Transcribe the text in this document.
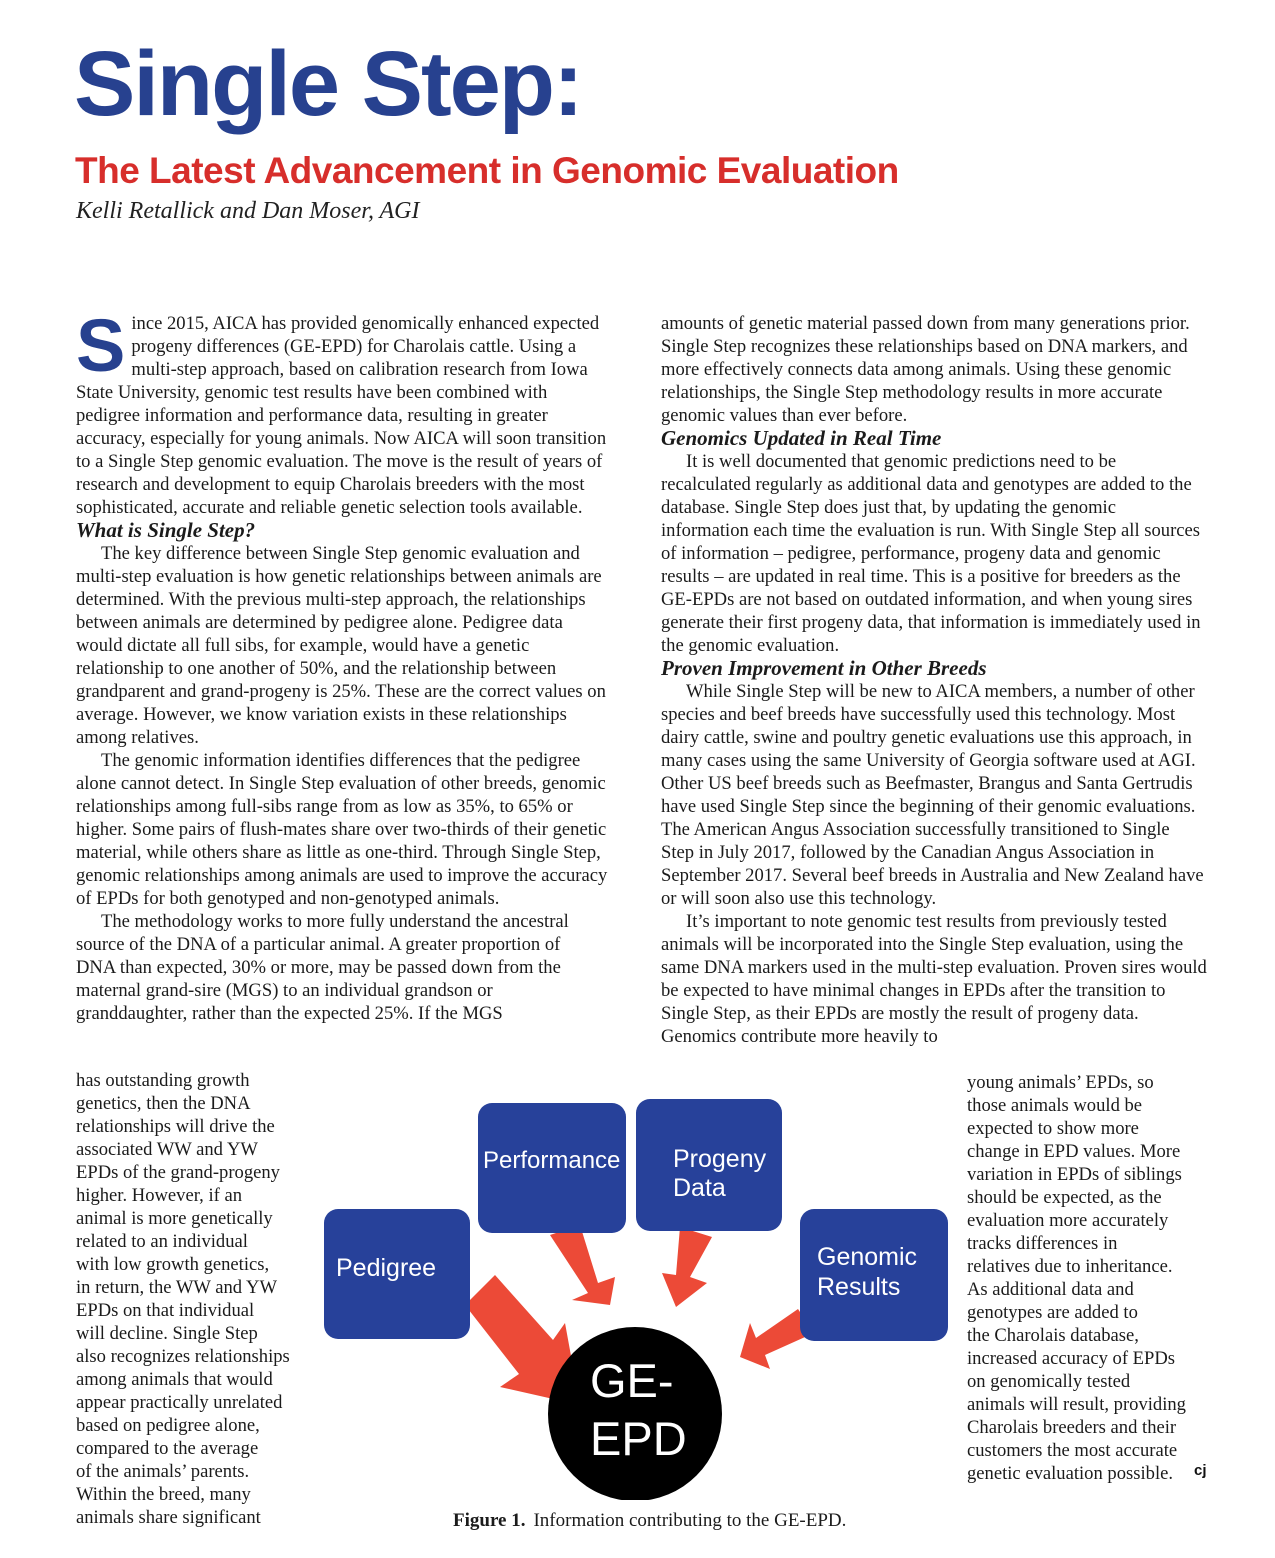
Single Step:
The Latest Advancement in Genomic Evaluation
Kelli Retallick and Dan Moser, AGI

Since 2015, AICA has provided genomically enhanced expected progeny differences (GE-EPD) for Charolais cattle. Using a multi-step approach, based on calibration research from Iowa State University, genomic test results have been combined with pedigree information and performance data, resulting in greater accuracy, especially for young animals. Now AICA will soon transition to a Single Step genomic evaluation. The move is the result of years of research and development to equip Charolais breeders with the most sophisticated, accurate and reliable genetic selection tools available.

What is Single Step?

The key difference between Single Step genomic evaluation and multi-step evaluation is how genetic relationships between animals are determined. With the previous multi-step approach, the relationships between animals are determined by pedigree alone. Pedigree data would dictate all full sibs, for example, would have a genetic relationship to one another of 50%, and the relationship between grandparent and grand-progeny is 25%. These are the correct values on average. However, we know variation exists in these relationships among relatives.

The genomic information identifies differences that the pedigree alone cannot detect. In Single Step evaluation of other breeds, genomic relationships among full-sibs range from as low as 35%, to 65% or higher. Some pairs of flush-mates share over two-thirds of their genetic material, while others share as little as one-third. Through Single Step, genomic relationships among animals are used to improve the accuracy of EPDs for both genotyped and non-genotyped animals.

The methodology works to more fully understand the ancestral source of the DNA of a particular animal. A greater proportion of DNA than expected, 30% or more, may be passed down from the maternal grand-sire (MGS) to an individual grandson or granddaughter, rather than the expected 25%. If the MGS

has outstanding growth
genetics, then the DNA
relationships will drive the
associated WW and YW
EPDs of the grand-progeny
higher. However, if an
animal is more genetically
related to an individual
with low growth genetics,
in return, the WW and YW
EPDs on that individual
will decline. Single Step
also recognizes relationships
among animals that would
appear practically unrelated
based on pedigree alone,
compared to the average
of the animals’ parents.
Within the breed, many
animals share significant

amounts of genetic material passed down from many generations prior. Single Step recognizes these relationships based on DNA markers, and more effectively connects data among animals. Using these genomic relationships, the Single Step methodology results in more accurate genomic values than ever before.

Genomics Updated in Real Time

It is well documented that genomic predictions need to be recalculated regularly as additional data and genotypes are added to the database. Single Step does just that, by updating the genomic information each time the evaluation is run. With Single Step all sources of information – pedigree, performance, progeny data and genomic results – are updated in real time. This is a positive for breeders as the GE-EPDs are not based on outdated information, and when young sires generate their first progeny data, that information is immediately used in the genomic evaluation.

Proven Improvement in Other Breeds

While Single Step will be new to AICA members, a number of other species and beef breeds have successfully used this technology. Most dairy cattle, swine and poultry genetic evaluations use this approach, in many cases using the same University of Georgia software used at AGI. Other US beef breeds such as Beefmaster, Brangus and Santa Gertrudis have used Single Step since the beginning of their genomic evaluations. The American Angus Association successfully transitioned to Single Step in July 2017, followed by the Canadian Angus Association in September 2017. Several beef breeds in Australia and New Zealand have or will soon also use this technology.

It’s important to note genomic test results from previously tested animals will be incorporated into the Single Step evaluation, using the same DNA markers used in the multi-step evaluation. Proven sires would be expected to have minimal changes in EPDs after the transition to Single Step, as their EPDs are mostly the result of progeny data. Genomics contribute more heavily to

young animals’ EPDs, so
those animals would be
expected to show more
change in EPD values. More
variation in EPDs of siblings
should be expected, as the
evaluation more accurately
tracks differences in
relatives due to inheritance.
As additional data and
genotypes are added to
the Charolais database,
increased accuracy of EPDs
on genomically tested
animals will result, providing
Charolais breeders and their
customers the most accurate
genetic evaluation possible.
Pedigree
Performance Progeny
Data
Genomic
Results
GE-
EPD
Figure 1. Information contributing to the GE-EPD.
cj
